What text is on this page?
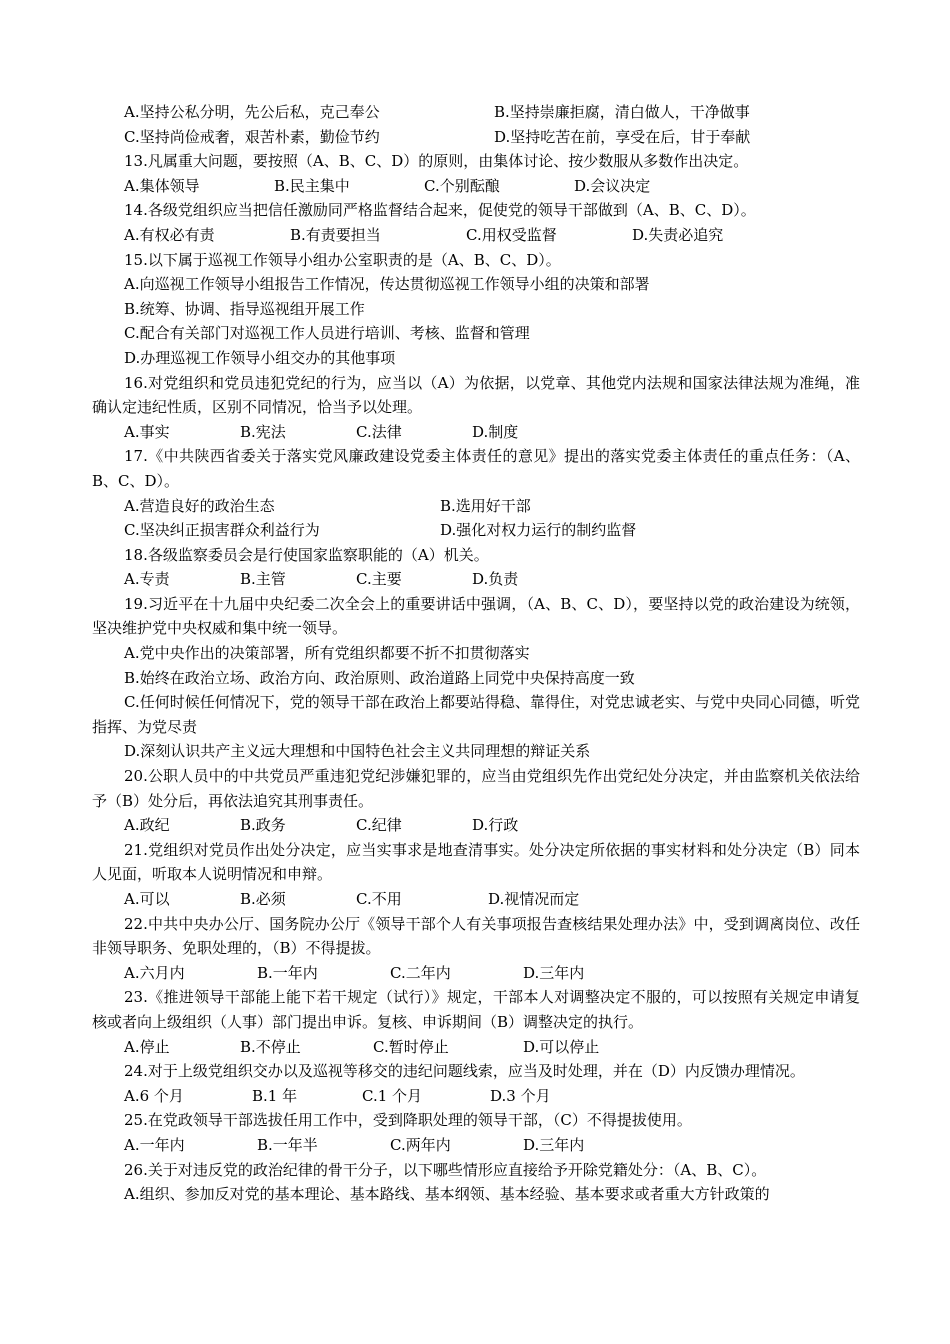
A.坚持公私分明，先公后私，克己奉公	B.坚持崇廉拒腐，清白做人，干净做事

C.坚持尚俭戒奢，艰苦朴素，勤俭节约	D.坚持吃苦在前，享受在后，甘于奉献

13.凡属重大问题，要按照（A、B、C、D）的原则，由集体讨论、按少数服从多数作出决定。

A.集体领导	B.民主集中	C.个别酝酿	D.会议决定

14.各级党组织应当把信任激励同严格监督结合起来，促使党的领导干部做到（A、B、C、D）。

A.有权必有责	B.有责要担当	C.用权受监督	D.失责必追究

15.以下属于巡视工作领导小组办公室职责的是（A、B、C、D）。

A.向巡视工作领导小组报告工作情况，传达贯彻巡视工作领导小组的决策和部署

B.统筹、协调、指导巡视组开展工作

C.配合有关部门对巡视工作人员进行培训、考核、监督和管理

D.办理巡视工作领导小组交办的其他事项

16.对党组织和党员违犯党纪的行为，应当以（A）为依据，以党章、其他党内法规和国家法律法规为准绳，准确认定违纪性质，区别不同情况，恰当予以处理。

A.事实	B.宪法	C.法律	D.制度

17.《中共陕西省委关于落实党风廉政建设党委主体责任的意见》提出的落实党委主体责任的重点任务：（A、B、C、D）。

A.营造良好的政治生态	B.选用好干部

C.坚决纠正损害群众利益行为	D.强化对权力运行的制约监督

18.各级监察委员会是行使国家监察职能的（A）机关。

A.专责	B.主管	C.主要	D.负责

19.习近平在十九届中央纪委二次全会上的重要讲话中强调，（A、B、C、D），要坚持以党的政治建设为统领，坚决维护党中央权威和集中统一领导。

A.党中央作出的决策部署，所有党组织都要不折不扣贯彻落实

B.始终在政治立场、政治方向、政治原则、政治道路上同党中央保持高度一致

C.任何时候任何情况下，党的领导干部在政治上都要站得稳、靠得住，对党忠诚老实、与党中央同心同德，听党指挥、为党尽责

D.深刻认识共产主义远大理想和中国特色社会主义共同理想的辩证关系

20.公职人员中的中共党员严重违犯党纪涉嫌犯罪的，应当由党组织先作出党纪处分决定，并由监察机关依法给予（B）处分后，再依法追究其刑事责任。

A.政纪	B.政务	C.纪律	D.行政

21.党组织对党员作出处分决定，应当实事求是地查清事实。处分决定所依据的事实材料和处分决定（B）同本人见面，听取本人说明情况和申辩。

A.可以	B.必须	C.不用	D.视情况而定

22.中共中央办公厅、国务院办公厅《领导干部个人有关事项报告查核结果处理办法》中，受到调离岗位、改任非领导职务、免职处理的，（B）不得提拔。

A.六月内	B.一年内	C.二年内	D.三年内

23.《推进领导干部能上能下若干规定（试行）》规定，干部本人对调整决定不服的，可以按照有关规定申请复核或者向上级组织（人事）部门提出申诉。复核、申诉期间（B）调整决定的执行。

A.停止	B.不停止	C.暂时停止	D.可以停止

24.对于上级党组织交办以及巡视等移交的违纪问题线索，应当及时处理，并在（D）内反馈办理情况。

A.6 个月	B.1 年	C.1 个月	D.3 个月

25.在党政领导干部选拔任用工作中，受到降职处理的领导干部，（C）不得提拔使用。

A.一年内	B.一年半	C.两年内	D.三年内

26.关于对违反党的政治纪律的骨干分子，以下哪些情形应直接给予开除党籍处分：（A、B、C）。

A.组织、参加反对党的基本理论、基本路线、基本纲领、基本经验、基本要求或者重大方针政策的
